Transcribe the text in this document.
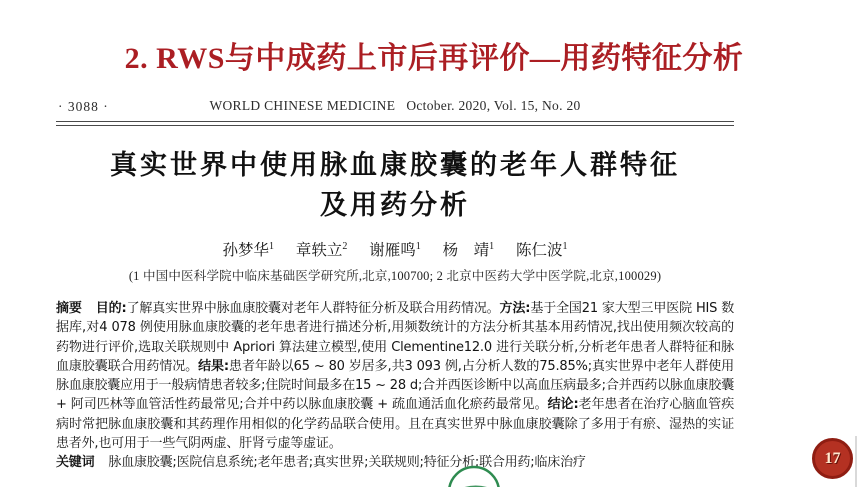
2. RWS与中成药上市后再评价—用药特征分析
· 3088 ·	WORLD CHINESE MEDICINE October. 2020, Vol. 15, No. 20
真实世界中使用脉血康胶囊的老年人群特征
及用药分析
孙梦华$^1$ 章轶立$^2$ 谢雁鸣$^1$ 杨　靖$^1$ 陈仁波$^1$
(1 中国中医科学院中临床基础医学研究所,北京,100700; 2 北京中医药大学中医学院,北京,100029)

摘要 目的:了解真实世界中脉血康胶囊对老年人群特征分析及联合用药情况。方法:基于全国21 家大型三甲医院 HIS 数据库,对4 078 例使用脉血康胶囊的老年患者进行描述分析,用频数统计的方法分析其基本用药情况,找出使用频次较高的药物进行评价,选取关联规则中 Apriori 算法建立模型,使用 Clementine12.0 进行关联分析,分析老年患者人群特征和脉血康胶囊联合用药情况。结果:患者年龄以65 ~ 80 岁居多,共3 093 例,占分析人数的75.85%;真实世界中老年人群使用脉血康胶囊应用于一般病情患者较多;住院时间最多在15 ~ 28 d;合并西医诊断中以高血压病最多;合并西药以脉血康胶囊 + 阿司匹林等血管活性药最常见;合并中药以脉血康胶囊 + 疏血通活血化瘀药最常见。结论:老年患者在治疗心脑血管疾病时常把脉血康胶囊和其药理作用相似的化学药品联合使用。且在真实世界中脉血康胶囊除了多用于有瘀、湿热的实证患者外,也可用于一些气阴两虚、肝肾亏虚等虚证。

关键词 脉血康胶囊;医院信息系统;老年患者;真实世界;关联规则;特征分析;联合用药;临床治疗	17
